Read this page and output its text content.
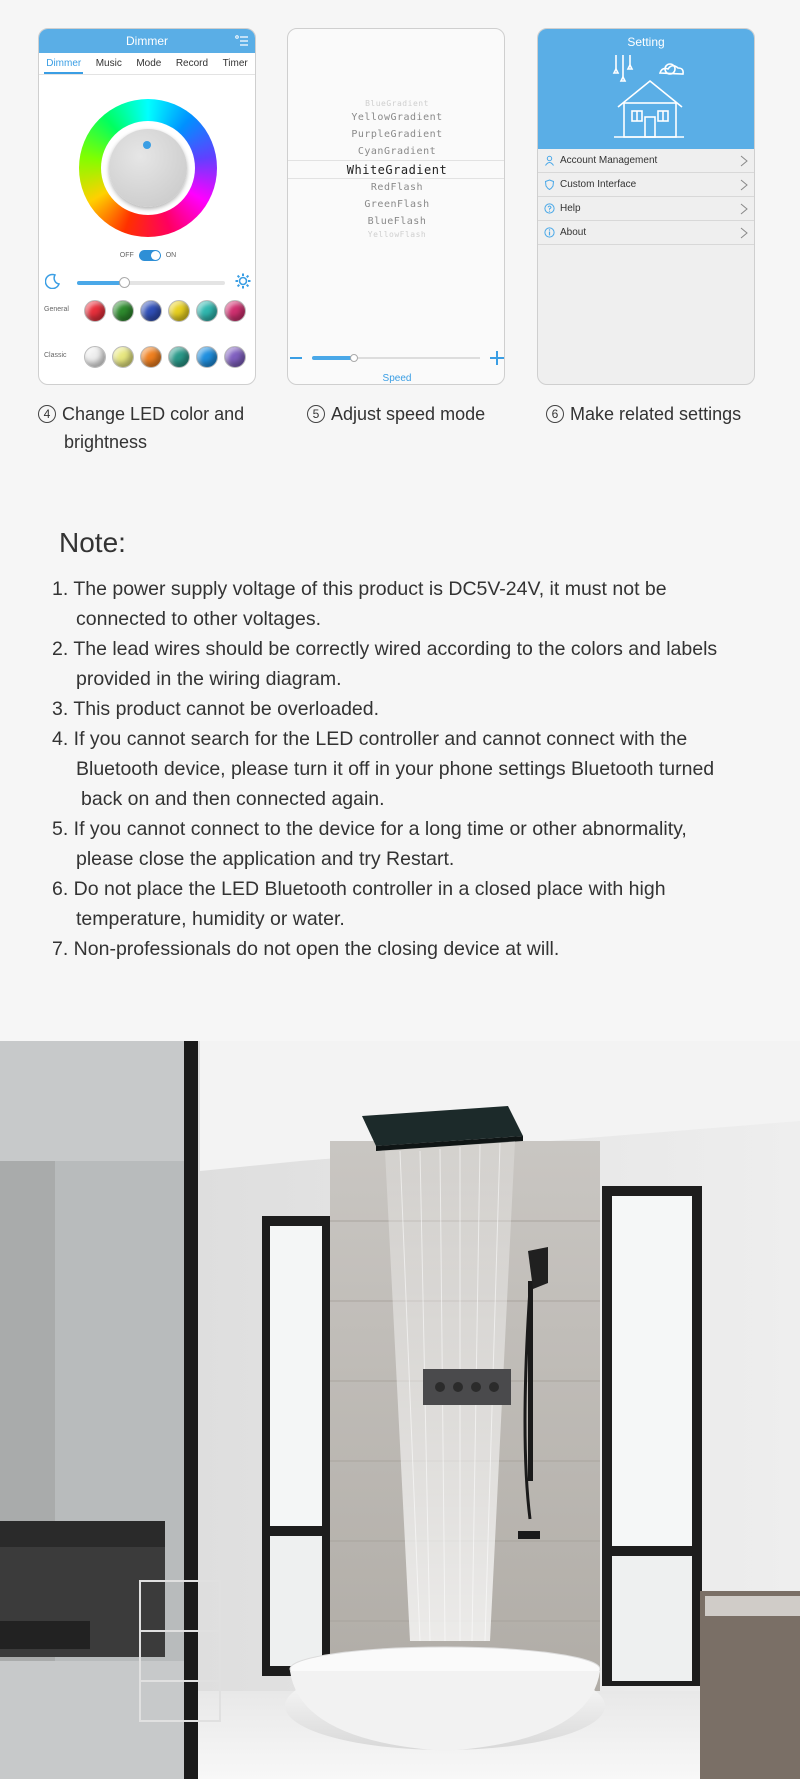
Dimmer
Dimmer Music Mode Record Timer
OFF	ON
General
Classic
BlueGradient
YellowGradient
PurpleGradient
CyanGradient
WhiteGradient
RedFlash
GreenFlash
BlueFlash
YellowFlash
Speed
Setting
Account Management
Custom Interface
Help
About
4 Change LED color and
brightness
5 Adjust speed mode	6 Make related settings
Note:
1. The power supply voltage of this product is DC5V-24V, it must not be
connected to other voltages.
2. The lead wires should be correctly wired according to the colors and labels
provided in the wiring diagram.
3. This product cannot be overloaded.
4. If you cannot search for the LED controller and cannot connect with the
Bluetooth device, please turn it off in your phone settings Bluetooth turned
back on and then connected again.
5. If you cannot connect to the device for a long time or other abnormality,
please close the application and try Restart.
6. Do not place the LED Bluetooth controller in a closed place with high
temperature, humidity or water.
7. Non-professionals do not open the closing device at will.
